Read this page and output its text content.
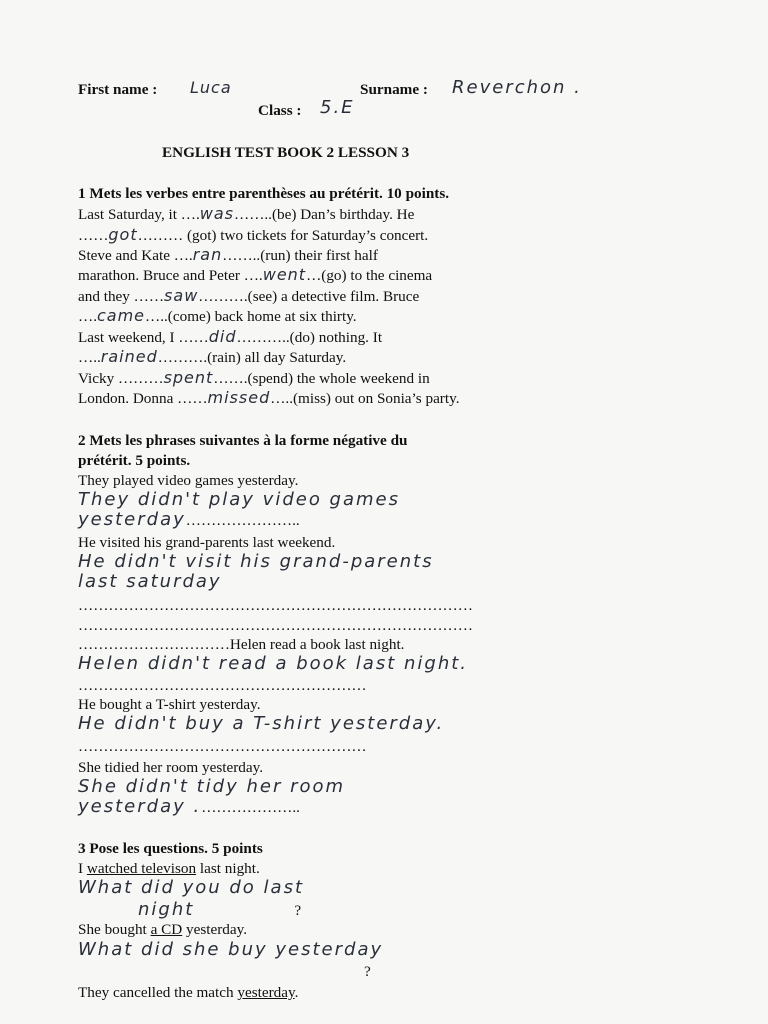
First name : Luca	Surname : Reverchon .
Class : 5.E
ENGLISH TEST BOOK 2 LESSON 3
1 Mets les verbes entre parenthèses au prétérit. 10 points.
Last Saturday, it ….was……..(be) Dan’s birthday. He
……got……… (got) two tickets for Saturday’s concert.
Steve and Kate ….ran……..(run) their first half
marathon. Bruce and Peter ….went…(go) to the cinema
and they ……saw……….(see) a detective film. Bruce
….came…..(come) back home at six thirty.
Last weekend, I ……did………..(do) nothing. It
…..rained……….(rain) all day Saturday.
Vicky ………spent…….(spend) the whole weekend in
London. Donna ……missed…..(miss) out on Sonia’s party.
2 Mets les phrases suivantes à la forme négative du
prétérit. 5 points.
They played video games yesterday.
They didn't play video games
yesterday…………………..
He visited his grand-parents last weekend.
He didn't visit his grand-parents
last saturday
……………………………………………………………………
……………………………………………………………………
…………………………Helen read a book last night.
Helen didn't read a book last night.
…………………………………………………
He bought a T-shirt yesterday.
He didn't buy a T-shirt yesterday.
…………………………………………………
She tidied her room yesterday.
She didn't tidy her room
yesterday .………………..
3 Pose les questions. 5 points
I watched televison last night.
What did you do last
night	?
She bought a CD yesterday.
What did she buy yesterday
?
They cancelled the match yesterday.
